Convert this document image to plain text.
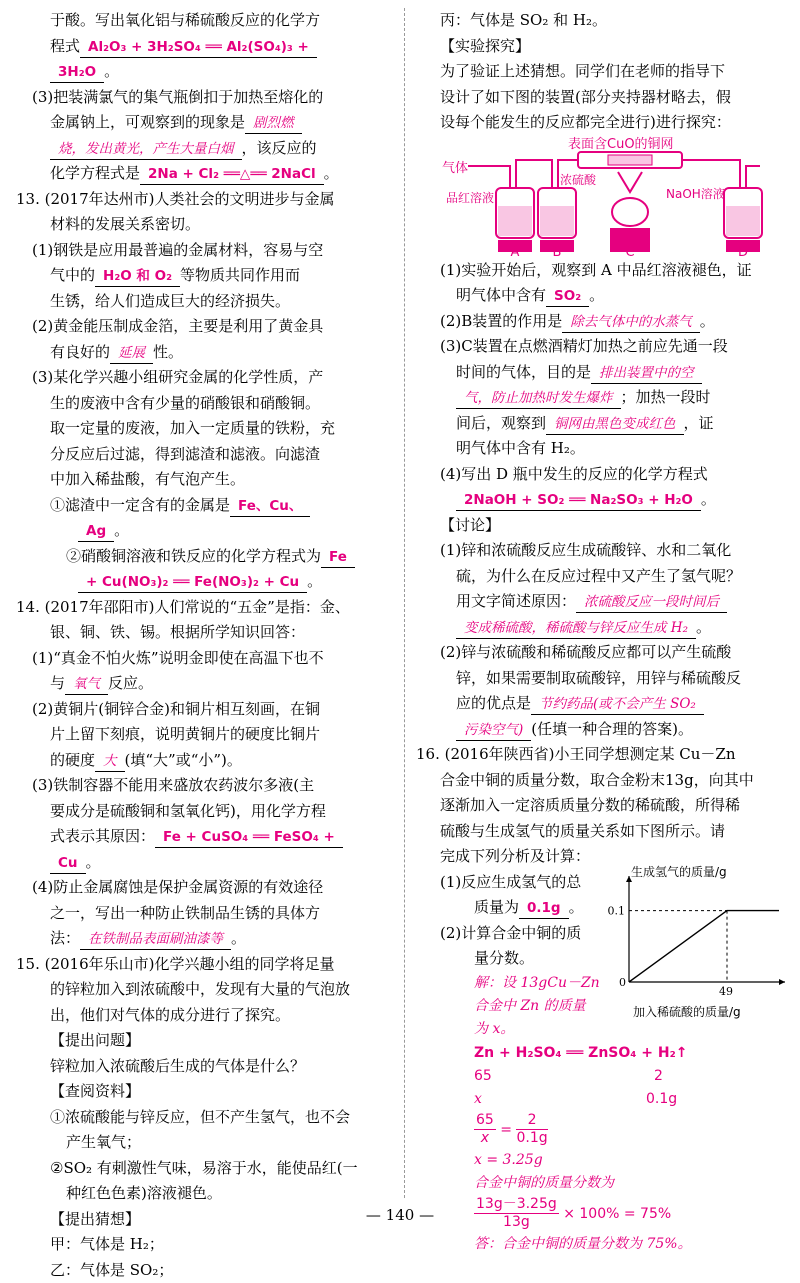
于酸。写出氧化铝与稀硫酸反应的化学方
程式 Al₂O₃ + 3H₂SO₄ ══ Al₂(SO₄)₃ +
3H₂O 。
(3)把装满氯气的集气瓶倒扣于加热至熔化的
金属钠上，可观察到的现象是 剧烈燃
烧，发出黄光，产生大量白烟 ，该反应的
化学方程式是 2Na + Cl₂ ══△══ 2NaCl 。
13. (2017年达州市)人类社会的文明进步与金属
材料的发展关系密切。
(1)钢铁是应用最普遍的金属材料，容易与空
气中的 H₂O 和 O₂ 等物质共同作用而
生锈，给人们造成巨大的经济损失。
(2)黄金能压制成金箔，主要是利用了黄金具
有良好的 延展 性。
(3)某化学兴趣小组研究金属的化学性质，产
生的废液中含有少量的硝酸银和硝酸铜。
取一定量的废液，加入一定质量的铁粉，充
分反应后过滤，得到滤渣和滤液。向滤渣
中加入稀盐酸，有气泡产生。
①滤渣中一定含有的金属是 Fe、Cu、
Ag 。
②硝酸铜溶液和铁反应的化学方程式为 Fe
+ Cu(NO₃)₂ ══ Fe(NO₃)₂ + Cu 。
14. (2017年邵阳市)人们常说的“五金”是指：金、
银、铜、铁、锡。根据所学知识回答：
(1)“真金不怕火炼”说明金即使在高温下也不
与 氧气 反应。
(2)黄铜片(铜锌合金)和铜片相互刻画，在铜
片上留下刻痕，说明黄铜片的硬度比铜片
的硬度 大 (填“大”或“小”)。
(3)铁制容器不能用来盛放农药波尔多液(主
要成分是硫酸铜和氢氧化钙)，用化学方程
式表示其原因： Fe + CuSO₄ ══ FeSO₄ +
Cu 。
(4)防止金属腐蚀是保护金属资源的有效途径
之一，写出一种防止铁制品生锈的具体方
法： 在铁制品表面刷油漆等 。
15. (2016年乐山市)化学兴趣小组的同学将足量
的锌粒加入到浓硫酸中，发现有大量的气泡放
出，他们对气体的成分进行了探究。
【提出问题】
锌粒加入浓硫酸后生成的气体是什么？
【查阅资料】
①浓硫酸能与锌反应，但不产生氢气，也不会
产生氧气；
②SO₂ 有刺激性气味，易溶于水，能使品红(一
种红色色素)溶液褪色。
【提出猜想】
甲：气体是 H₂；
乙：气体是 SO₂；
丙：气体是 SO₂ 和 H₂。
【实验探究】
为了验证上述猜想。同学们在老师的指导下
设计了如下图的装置(部分夹持器材略去，假
设每个能发生的反应都完全进行)进行探究：
表面含CuO的铜网
气体
品红溶液
浓硫酸
NaOH溶液
A	B	C	D
(1)实验开始后，观察到 A 中品红溶液褪色，证
明气体中含有 SO₂ 。
(2)B装置的作用是 除去气体中的水蒸气 。
(3)C装置在点燃酒精灯加热之前应先通一段
时间的气体，目的是 排出装置中的空
气，防止加热时发生爆炸 ；加热一段时
间后，观察到 铜网由黑色变成红色 ，证
明气体中含有 H₂。
(4)写出 D 瓶中发生的反应的化学方程式
2NaOH + SO₂ ══ Na₂SO₃ + H₂O 。
【讨论】
(1)锌和浓硫酸反应生成硫酸锌、水和二氧化
硫，为什么在反应过程中又产生了氢气呢？
用文字简述原因： 浓硫酸反应一段时间后
变成稀硫酸，稀硫酸与锌反应生成 H₂ 。
(2)锌与浓硫酸和稀硫酸反应都可以产生硫酸
锌，如果需要制取硫酸锌，用锌与稀硫酸反
应的优点是 节约药品(或不会产生 SO₂
污染空气) (任填一种合理的答案)。
16. (2016年陕西省)小王同学想测定某 Cu－Zn
合金中铜的质量分数，取合金粉末13g，向其中
逐渐加入一定溶质质量分数的稀硫酸，所得稀
硫酸与生成氢气的质量关系如下图所示。请
完成下列分析及计算：
(1)反应生成氢气的总
质量为 0.1g 。
(2)计算合金中铜的质
量分数。
解：设 13gCu－Zn
合金中 Zn 的质量
为 x。
生成氢气的质量/g
加入稀硫酸的质量/g
0
49
0.1
Zn + H₂SO₄ ══ ZnSO₄ + H₂↑
65	2
x	0.1g
$\frac{65}{x} = \frac{2}{0.1g}$
x = 3.25g
合金中铜的质量分数为
$\frac{13g-3.25g}{13g} \times 100\% = 75\%$
答：合金中铜的质量分数为 75%。
— 140 —
